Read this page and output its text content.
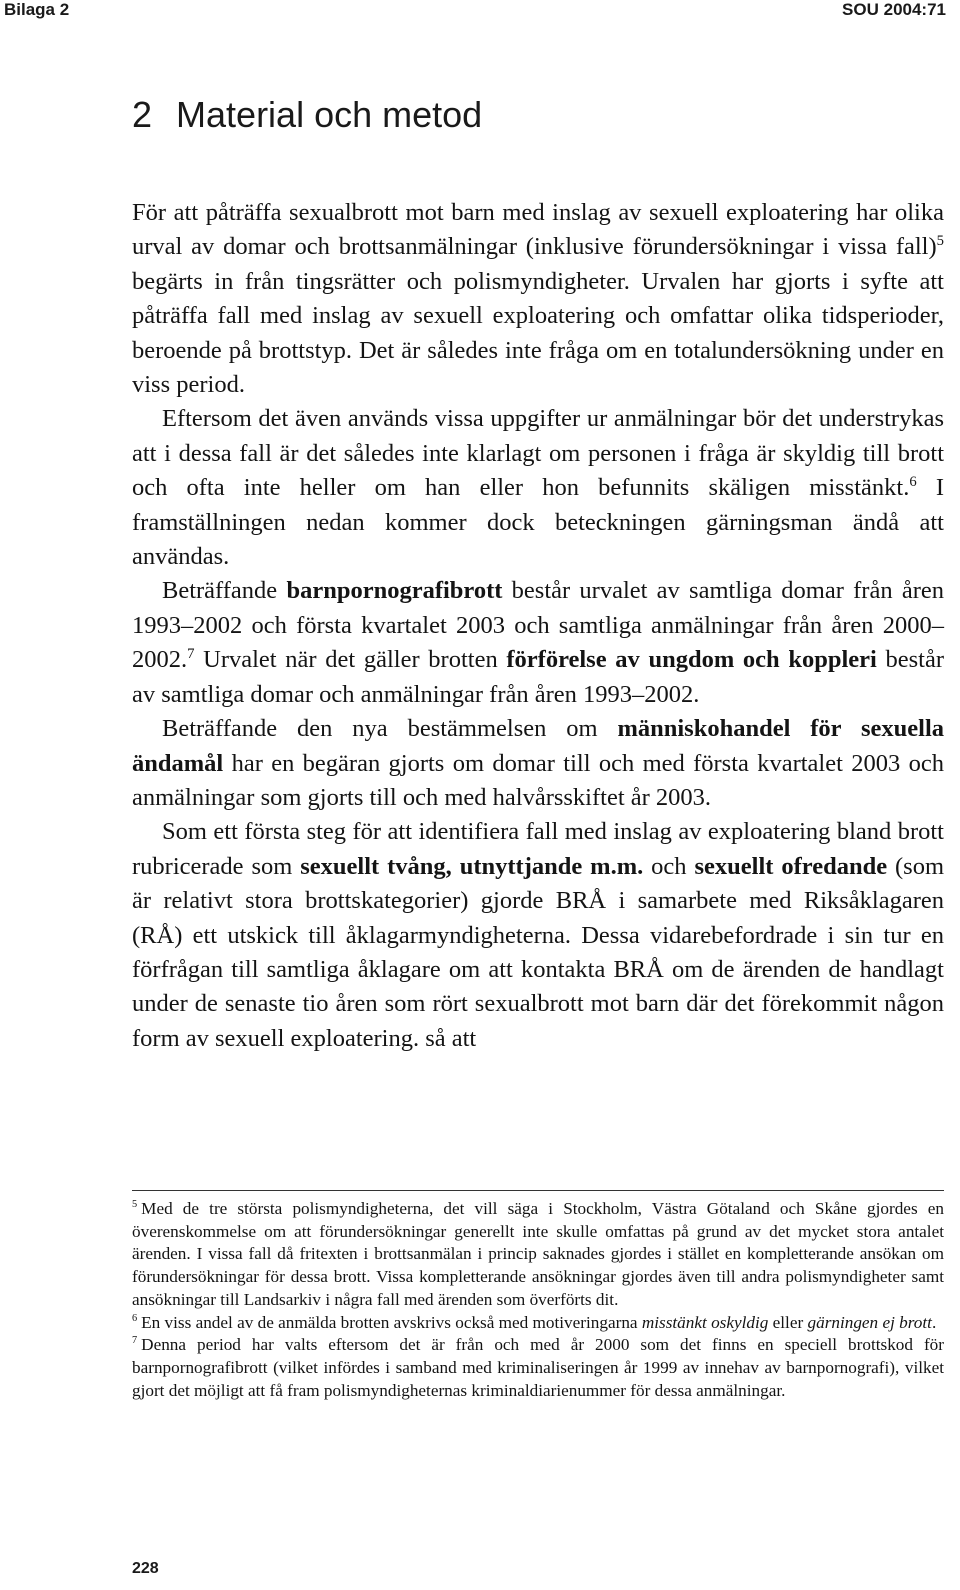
Bilaga 2	SOU 2004:71
2 Material och metod

För att påträffa sexualbrott mot barn med inslag av sexuell exploatering har olika urval av domar och brottsanmälningar (inklusive förundersökningar i vissa fall)$^5$ begärts in från tingsrätter och polismyndigheter. Urvalen har gjorts i syfte att påträffa fall med inslag av sexuell exploatering och omfattar olika tidsperioder, beroende på brottstyp. Det är således inte fråga om en totalundersökning under en viss period.

Eftersom det även används vissa uppgifter ur anmälningar bör det understrykas att i dessa fall är det således inte klarlagt om personen i fråga är skyldig till brott och ofta inte heller om han eller hon befunnits skäligen misstänkt.$^6$ I framställningen nedan kommer dock beteckningen gärningsman ändå att användas.

Beträffande barnpornografibrott består urvalet av samtliga domar från åren 1993–2002 och första kvartalet 2003 och samtliga anmälningar från åren 2000–2002.$^7$ Urvalet när det gäller brotten förförelse av ungdom och koppleri består av samtliga domar och anmälningar från åren 1993–2002.

Beträffande den nya bestämmelsen om människohandel för sexuella ändamål har en begäran gjorts om domar till och med första kvartalet 2003 och anmälningar som gjorts till och med halvårsskiftet år 2003.

Som ett första steg för att identifiera fall med inslag av exploatering bland brott rubricerade som sexuellt tvång, utnyttjande m.m. och sexuellt ofredande (som är relativt stora brottskategorier) gjorde BRÅ i samarbete med Riksåklagaren (RÅ) ett utskick till åklagarmyndigheterna. Dessa vidarebefordrade i sin tur en förfrågan till samtliga åklagare om att kontakta BRÅ om de ärenden de handlagt under de senaste tio åren som rört sexualbrott mot barn där det förekommit någon form av sexuell exploatering. så att

$^5$ Med de tre största polismyndigheterna, det vill säga i Stockholm, Västra Götaland och Skåne gjordes en överenskommelse om att förundersökningar generellt inte skulle omfattas på grund av det mycket stora antalet ärenden. I vissa fall då fritexten i brottsanmälan i princip saknades gjordes i stället en kompletterande ansökan om förundersökningar för dessa brott. Vissa kompletterande ansökningar gjordes även till andra polismyndigheter samt ansökningar till Landsarkiv i några fall med ärenden som överförts dit.

$^6$ En viss andel av de anmälda brotten avskrivs också med motiveringarna misstänkt oskyldig eller gärningen ej brott.

$^7$ Denna period har valts eftersom det är från och med år 2000 som det finns en speciell brottskod för barnpornografibrott (vilket infördes i samband med kriminaliseringen år 1999 av innehav av barnpornografi), vilket gjort det möjligt att få fram polismyndigheternas kriminaldiarienummer för dessa anmälningar.

228
